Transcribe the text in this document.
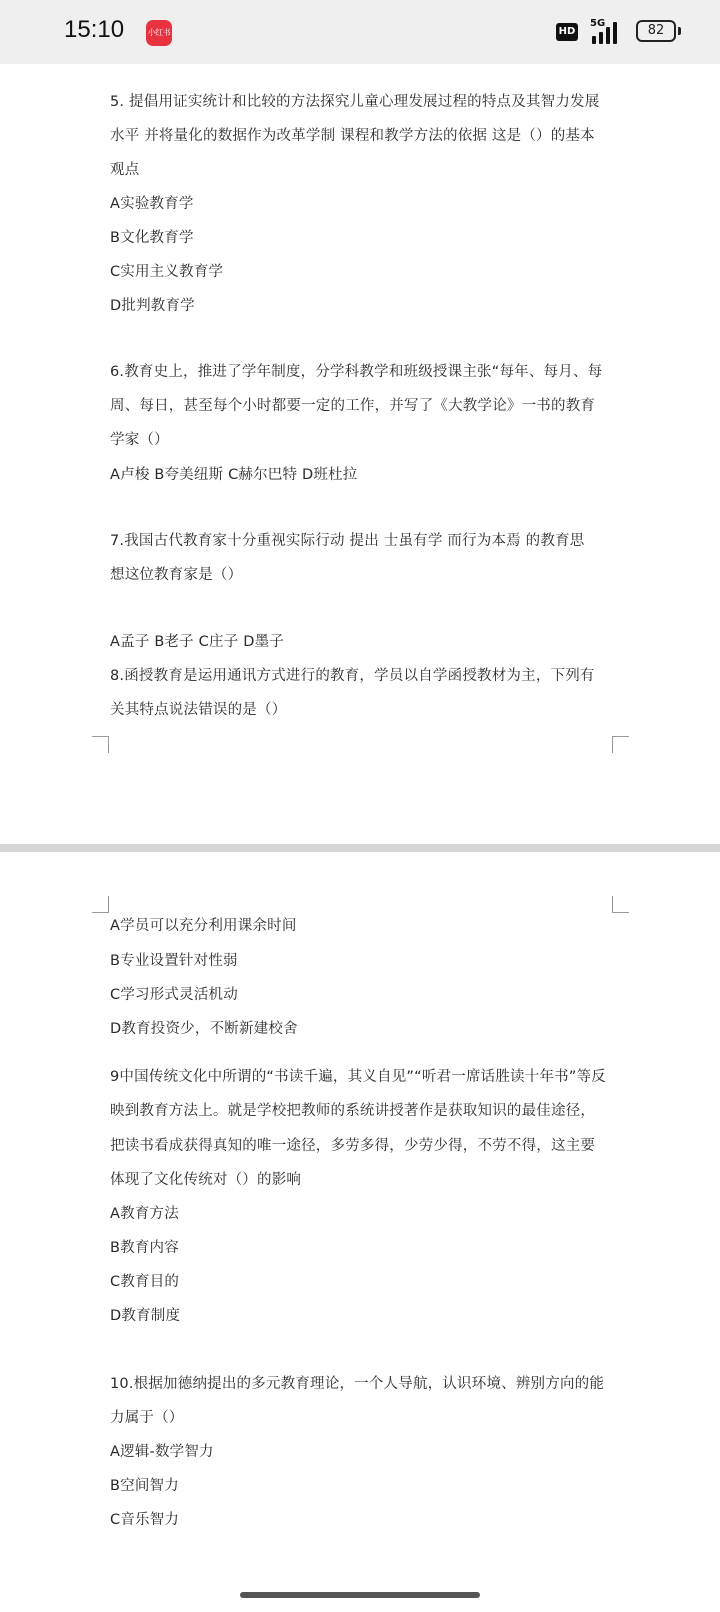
15:10	小红书	HD
5G	82
5. 提倡用证实统计和比较的方法探究儿童心理发展过程的特点及其智力发展
水平 并将量化的数据作为改革学制 课程和教学方法的依据 这是（）的基本
观点
A实验教育学
B文化教育学
C实用主义教育学
D批判教育学
6.教育史上，推进了学年制度，分学科教学和班级授课主张“每年、每月、每
周、每日，甚至每个小时都要一定的工作，并写了《大教学论》一书的教育
学家（）
A卢梭 B夸美纽斯 C赫尔巴特 D班杜拉
7.我国古代教育家十分重视实际行动 提出 士虽有学 而行为本焉 的教育思
想这位教育家是（）
A孟子 B老子 C庄子 D墨子
8.函授教育是运用通讯方式进行的教育，学员以自学函授教材为主，下列有
关其特点说法错误的是（）
A学员可以充分利用课余时间
B专业设置针对性弱
C学习形式灵活机动
D教育投资少，不断新建校舍
9中国传统文化中所谓的“书读千遍，其义自见”“听君一席话胜读十年书”等反
映到教育方法上。就是学校把教师的系统讲授著作是获取知识的最佳途径，
把读书看成获得真知的唯一途径，多劳多得，少劳少得，不劳不得，这主要
体现了文化传统对（）的影响
A教育方法
B教育内容
C教育目的
D教育制度
10.根据加德纳提出的多元教育理论，一个人导航，认识环境、辨别方向的能
力属于（）
A逻辑-数学智力
B空间智力
C音乐智力
